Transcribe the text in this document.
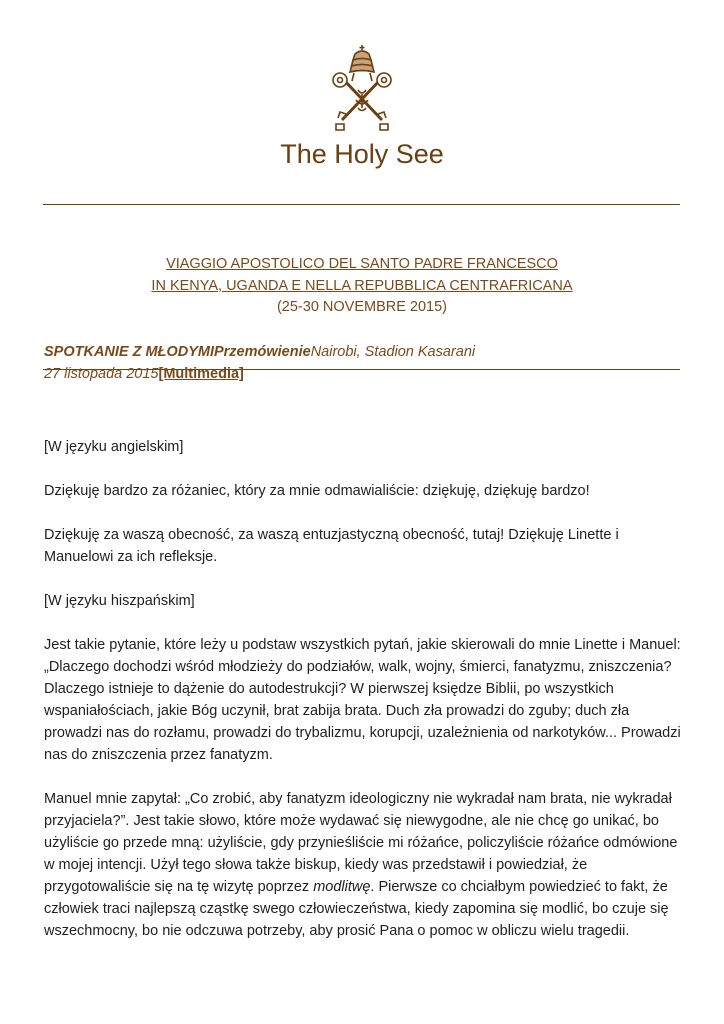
The Holy See
VIAGGIO APOSTOLICO DEL SANTO PADRE FRANCESCO
IN KENYA, UGANDA E NELLA REPUBBLICA CENTRAFRICANA
(25-30 NOVEMBRE 2015)
SPOTKANIE Z MŁODYMIPrzemówienieNairobi, Stadion Kasarani
27 listopada 2015[Multimedia]

[W języku angielskim]

Dziękuję bardzo za różaniec, który za mnie odmawialiście: dziękuję, dziękuję bardzo!

Dziękuję za waszą obecność, za waszą entuzjastyczną obecność, tutaj! Dziękuję Linette i Manuelowi za ich refleksje.

[W języku hiszpańskim]

Jest takie pytanie, które leży u podstaw wszystkich pytań, jakie skierowali do mnie Linette i Manuel: „Dlaczego dochodzi wśród młodzieży do podziałów, walk, wojny, śmierci, fanatyzmu, zniszczenia? Dlaczego istnieje to dążenie do autodestrukcji? W pierwszej księdze Biblii, po wszystkich wspaniałościach, jakie Bóg uczynił, brat zabija brata. Duch zła prowadzi do zguby; duch zła prowadzi nas do rozłamu, prowadzi do trybalizmu, korupcji, uzależnienia od narkotyków... Prowadzi nas do zniszczenia przez fanatyzm.

Manuel mnie zapytał: „Co zrobić, aby fanatyzm ideologiczny nie wykradał nam brata, nie wykradał przyjaciela?”. Jest takie słowo, które może wydawać się niewygodne, ale nie chcę go unikać, bo użyliście go przede mną: użyliście, gdy przynieśliście mi różańce, policzyliście różańce odmówione w mojej intencji. Użył tego słowa także biskup, kiedy was przedstawił i powiedział, że przygotowaliście się na tę wizytę poprzez modlitwę. Pierwsze co chciałbym powiedzieć to fakt, że człowiek traci najlepszą cząstkę swego człowieczeństwa, kiedy zapomina się modlić, bo czuje się wszechmocny, bo nie odczuwa potrzeby, aby prosić Pana o pomoc w obliczu wielu tragedii.
